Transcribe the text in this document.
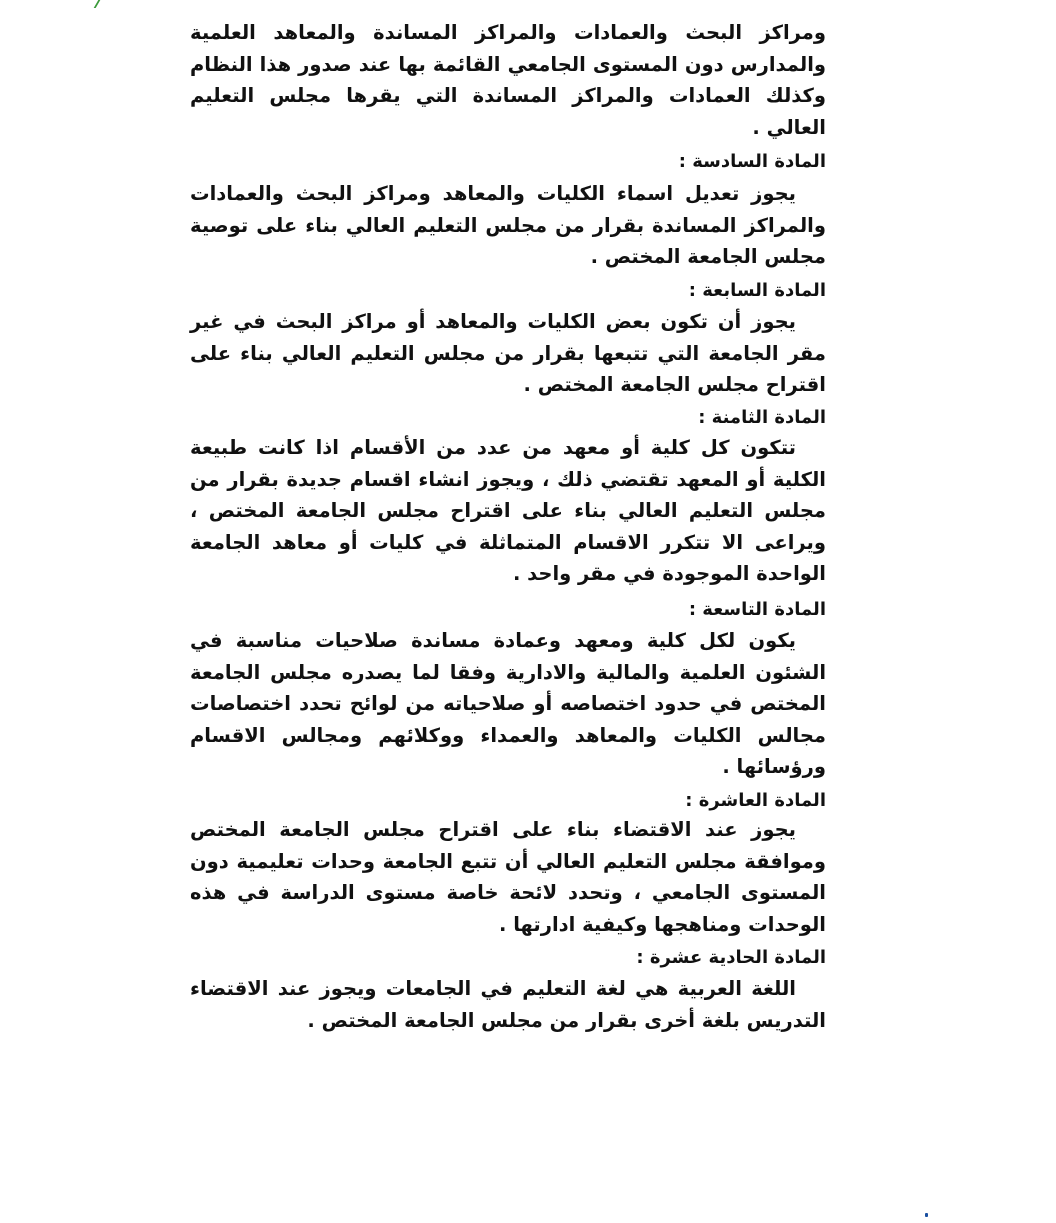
ومراكز البحث والعمادات والمراكز المساندة والمعاهد العلمية والمدارس دون المستوى الجامعي القائمة بها عند صدور هذا النظام وكذلك العمادات والمراكز المساندة التي يقرها مجلس التعليم العالي .

المادة السادسة :

يجوز تعديل اسماء الكليات والمعاهد ومراكز البحث والعمادات والمراكز المساندة بقرار من مجلس التعليم العالي بناء على توصية مجلس الجامعة المختص .

المادة السابعة :

يجوز أن تكون بعض الكليات والمعاهد أو مراكز البحث في غير مقر الجامعة التي تتبعها بقرار من مجلس التعليم العالي بناء على اقتراح مجلس الجامعة المختص .

المادة الثامنة :

تتكون كل كلية أو معهد من عدد من الأقسام اذا كانت طبيعة الكلية أو المعهد تقتضي ذلك ، ويجوز انشاء اقسام جديدة بقرار من مجلس التعليم العالي بناء على اقتراح مجلس الجامعة المختص ، ويراعى الا تتكرر الاقسام المتماثلة في كليات أو معاهد الجامعة الواحدة الموجودة في مقر واحد .

المادة التاسعة :

يكون لكل كلية ومعهد وعمادة مساندة صلاحيات مناسبة في الشئون العلمية والمالية والادارية وفقا لما يصدره مجلس الجامعة المختص في حدود اختصاصه أو صلاحياته من لوائح تحدد اختصاصات مجالس الكليات والمعاهد والعمداء ووكلائهم ومجالس الاقسام ورؤسائها .

المادة العاشرة :

يجوز عند الاقتضاء بناء على اقتراح مجلس الجامعة المختص وموافقة مجلس التعليم العالي أن تتبع الجامعة وحدات تعليمية دون المستوى الجامعي ، وتحدد لائحة خاصة مستوى الدراسة في هذه الوحدات ومناهجها وكيفية ادارتها .

المادة الحادية عشرة :

اللغة العربية هي لغة التعليم في الجامعات ويجوز عند الاقتضاء التدريس بلغة أخرى بقرار من مجلس الجامعة المختص .
